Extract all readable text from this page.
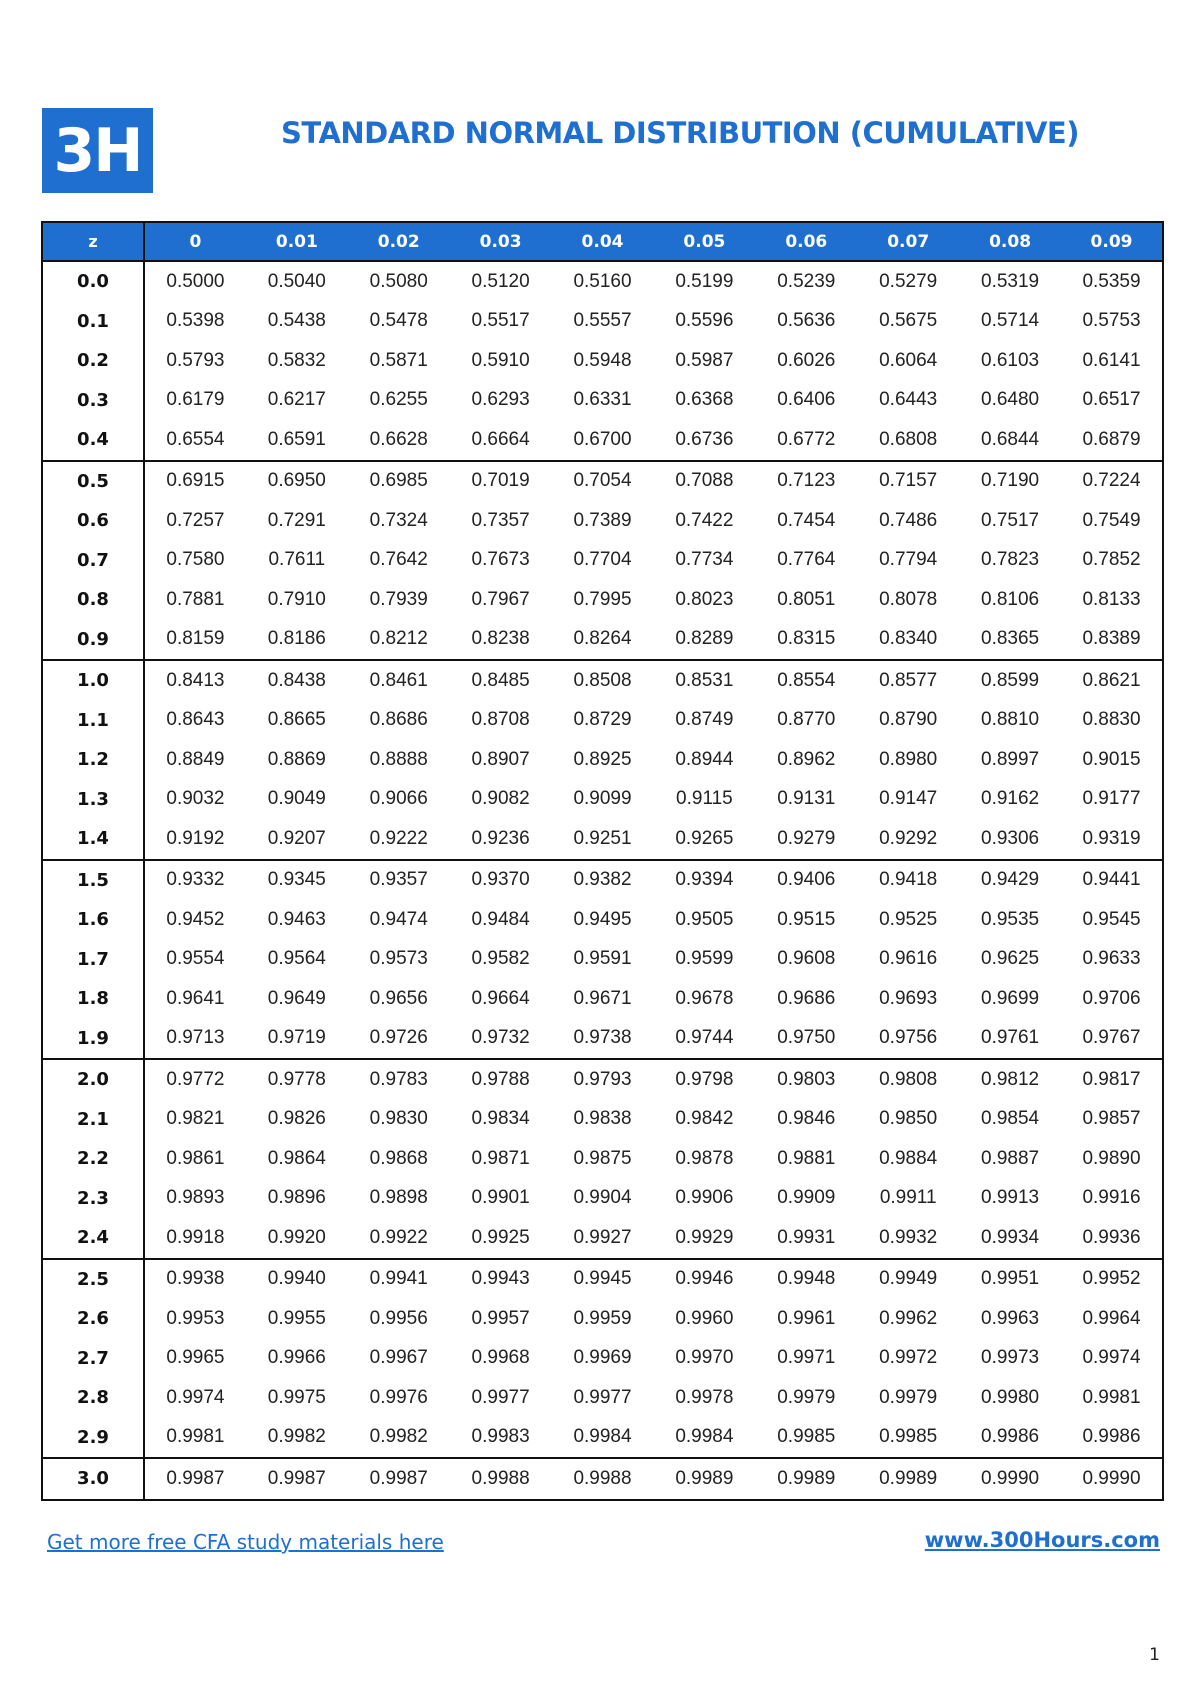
3H	STANDARD NORMAL DISTRIBUTION (CUMULATIVE)
z	0	0.01	0.02	0.03	0.04	0.05	0.06	0.07	0.08	0.09
0.0	0.5000	0.5040	0.5080	0.5120	0.5160	0.5199	0.5239	0.5279	0.5319	0.5359
0.1	0.5398	0.5438	0.5478	0.5517	0.5557	0.5596	0.5636	0.5675	0.5714	0.5753
0.2	0.5793	0.5832	0.5871	0.5910	0.5948	0.5987	0.6026	0.6064	0.6103	0.6141
0.3	0.6179	0.6217	0.6255	0.6293	0.6331	0.6368	0.6406	0.6443	0.6480	0.6517
0.4	0.6554	0.6591	0.6628	0.6664	0.6700	0.6736	0.6772	0.6808	0.6844	0.6879
0.5	0.6915	0.6950	0.6985	0.7019	0.7054	0.7088	0.7123	0.7157	0.7190	0.7224
0.6	0.7257	0.7291	0.7324	0.7357	0.7389	0.7422	0.7454	0.7486	0.7517	0.7549
0.7	0.7580	0.7611	0.7642	0.7673	0.7704	0.7734	0.7764	0.7794	0.7823	0.7852
0.8	0.7881	0.7910	0.7939	0.7967	0.7995	0.8023	0.8051	0.8078	0.8106	0.8133
0.9	0.8159	0.8186	0.8212	0.8238	0.8264	0.8289	0.8315	0.8340	0.8365	0.8389
1.0	0.8413	0.8438	0.8461	0.8485	0.8508	0.8531	0.8554	0.8577	0.8599	0.8621
1.1	0.8643	0.8665	0.8686	0.8708	0.8729	0.8749	0.8770	0.8790	0.8810	0.8830
1.2	0.8849	0.8869	0.8888	0.8907	0.8925	0.8944	0.8962	0.8980	0.8997	0.9015
1.3	0.9032	0.9049	0.9066	0.9082	0.9099	0.9115	0.9131	0.9147	0.9162	0.9177
1.4	0.9192	0.9207	0.9222	0.9236	0.9251	0.9265	0.9279	0.9292	0.9306	0.9319
1.5	0.9332	0.9345	0.9357	0.9370	0.9382	0.9394	0.9406	0.9418	0.9429	0.9441
1.6	0.9452	0.9463	0.9474	0.9484	0.9495	0.9505	0.9515	0.9525	0.9535	0.9545
1.7	0.9554	0.9564	0.9573	0.9582	0.9591	0.9599	0.9608	0.9616	0.9625	0.9633
1.8	0.9641	0.9649	0.9656	0.9664	0.9671	0.9678	0.9686	0.9693	0.9699	0.9706
1.9	0.9713	0.9719	0.9726	0.9732	0.9738	0.9744	0.9750	0.9756	0.9761	0.9767
2.0	0.9772	0.9778	0.9783	0.9788	0.9793	0.9798	0.9803	0.9808	0.9812	0.9817
2.1	0.9821	0.9826	0.9830	0.9834	0.9838	0.9842	0.9846	0.9850	0.9854	0.9857
2.2	0.9861	0.9864	0.9868	0.9871	0.9875	0.9878	0.9881	0.9884	0.9887	0.9890
2.3	0.9893	0.9896	0.9898	0.9901	0.9904	0.9906	0.9909	0.9911	0.9913	0.9916
2.4	0.9918	0.9920	0.9922	0.9925	0.9927	0.9929	0.9931	0.9932	0.9934	0.9936
2.5	0.9938	0.9940	0.9941	0.9943	0.9945	0.9946	0.9948	0.9949	0.9951	0.9952
2.6	0.9953	0.9955	0.9956	0.9957	0.9959	0.9960	0.9961	0.9962	0.9963	0.9964
2.7	0.9965	0.9966	0.9967	0.9968	0.9969	0.9970	0.9971	0.9972	0.9973	0.9974
2.8	0.9974	0.9975	0.9976	0.9977	0.9977	0.9978	0.9979	0.9979	0.9980	0.9981
2.9	0.9981	0.9982	0.9982	0.9983	0.9984	0.9984	0.9985	0.9985	0.9986	0.9986
3.0	0.9987	0.9987	0.9987	0.9988	0.9988	0.9989	0.9989	0.9989	0.9990	0.9990
Get more free CFA study materials here	www.300Hours.com
1
